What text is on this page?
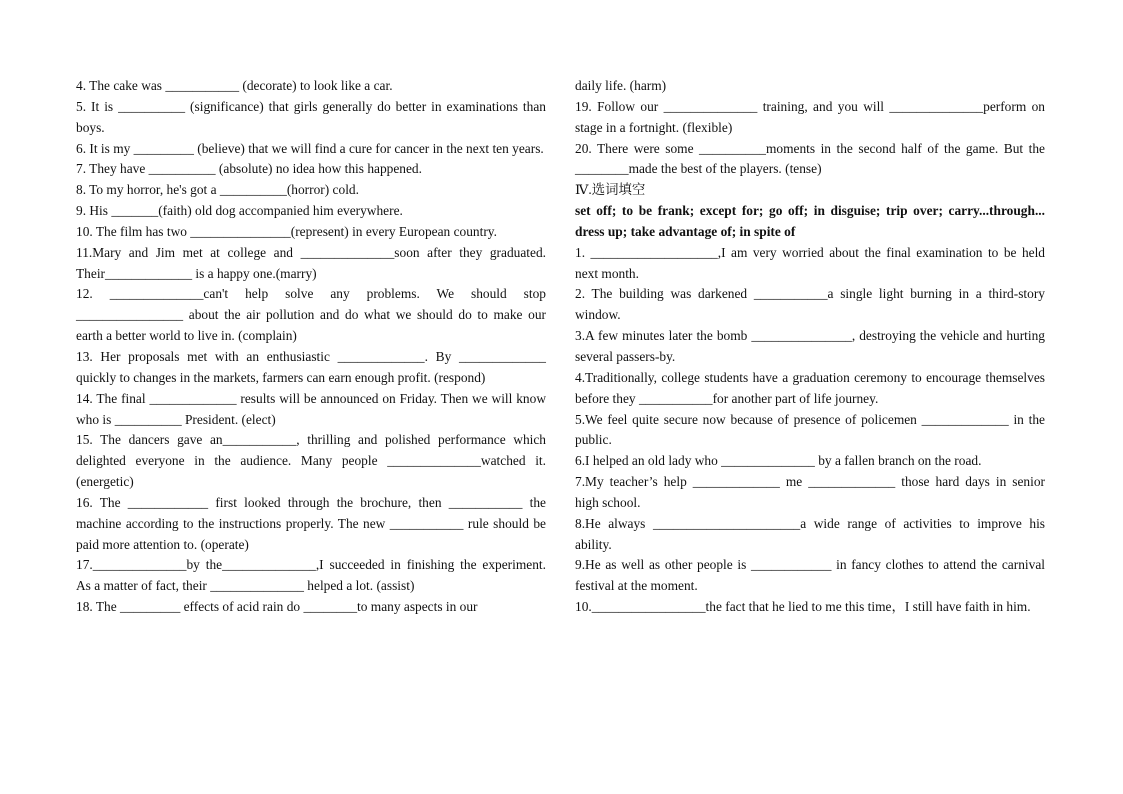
4. The cake was ___________ (decorate) to look like a car.

5. It is __________ (significance) that girls generally do better in examinations than boys.

6. It is my _________ (believe) that we will find a cure for cancer in the next ten years.

7. They have __________ (absolute) no idea how this happened.

8. To my horror, he's got a __________(horror) cold.

9. His _______(faith) old dog accompanied him everywhere.

10. The film has two _______________(represent) in every European country.

11.Mary and Jim met at college and ______________soon after they graduated. Their_____________ is a happy one.(marry)

12. ______________can't help solve any problems. We should stop ________________ about the air pollution and do what we should do to make our earth a better world to live in. (complain)

13. Her proposals met with an enthusiastic _____________. By _____________ quickly to changes in the markets, farmers can earn enough profit. (respond)

14. The final _____________ results will be announced on Friday. Then we will know who is __________ President. (elect)

15. The dancers gave an___________, thrilling and polished performance which delighted everyone in the audience. Many people ______________watched it. (energetic)

16. The ____________ first looked through the brochure, then ___________ the machine according to the instructions properly. The new ___________ rule should be paid more attention to. (operate)

17.______________by the______________,I succeeded in finishing the experiment. As a matter of fact, their ______________ helped a lot. (assist)

18. The _________ effects of acid rain do ________to many aspects in our

daily life. (harm)

19. Follow our ______________ training, and you will ______________perform on stage in a fortnight. (flexible)

20. There were some __________moments in the second half of the game. But the ________made the best of the players. (tense)

Ⅳ.选词填空

set off; to be frank; except for; go off; in disguise; trip over; carry...through... dress up; take advantage of; in spite of

1. ___________________,I am very worried about the final examination to be held next month.

2. The building was darkened ___________a single light burning in a third-story window.

3.A few minutes later the bomb _______________, destroying the vehicle and hurting several passers-by.

4.Traditionally, college students have a graduation ceremony to encourage themselves before they ___________for another part of life journey.

5.We feel quite secure now because of presence of policemen _____________ in the public.

6.I helped an old lady who ______________ by a fallen branch on the road.

7.My teacher’s help _____________ me _____________ those hard days in senior high school.

8.He always ______________________a wide range of activities to improve his ability.

9.He as well as other people is ____________ in fancy clothes to attend the carnival festival at the moment.

10._________________the fact that he lied to me this time，I still have faith in him.
